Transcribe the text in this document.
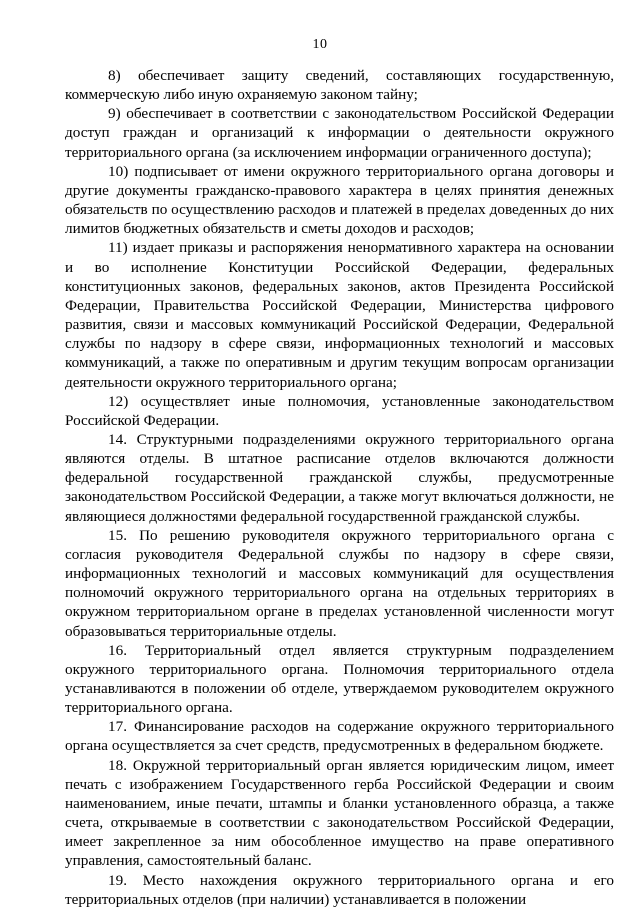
10

8) обеспечивает защиту сведений, составляющих государственную, коммерческую либо иную охраняемую законом тайну;

9) обеспечивает в соответствии с законодательством Российской Федерации доступ граждан и организаций к информации о деятельности окружного территориального органа (за исключением информации ограниченного доступа);

10) подписывает от имени окружного территориального органа договоры и другие документы гражданско-правового характера в целях принятия денежных обязательств по осуществлению расходов и платежей в пределах доведенных до них лимитов бюджетных обязательств и сметы доходов и расходов;

11) издает приказы и распоряжения ненормативного характера на основании и во исполнение Конституции Российской Федерации, федеральных конституционных законов, федеральных законов, актов Президента Российской Федерации, Правительства Российской Федерации, Министерства цифрового развития, связи и массовых коммуникаций Российской Федерации, Федеральной службы по надзору в сфере связи, информационных технологий и массовых коммуникаций, а также по оперативным и другим текущим вопросам организации деятельности окружного территориального органа;

12) осуществляет иные полномочия, установленные законодательством Российской Федерации.

14. Структурными подразделениями окружного территориального органа являются отделы. В штатное расписание отделов включаются должности федеральной государственной гражданской службы, предусмотренные законодательством Российской Федерации, а также могут включаться должности, не являющиеся должностями федеральной государственной гражданской службы.

15. По решению руководителя окружного территориального органа с согласия руководителя Федеральной службы по надзору в сфере связи, информационных технологий и массовых коммуникаций для осуществления полномочий окружного территориального органа на отдельных территориях в окружном территориальном органе в пределах установленной численности могут образовываться территориальные отделы.

16. Территориальный отдел является структурным подразделением окружного территориального органа. Полномочия территориального отдела устанавливаются в положении об отделе, утверждаемом руководителем окружного территориального органа.

17. Финансирование расходов на содержание окружного территориального органа осуществляется за счет средств, предусмотренных в федеральном бюджете.

18. Окружной территориальный орган является юридическим лицом, имеет печать с изображением Государственного герба Российской Федерации и своим наименованием, иные печати, штампы и бланки установленного образца, а также счета, открываемые в соответствии с законодательством Российской Федерации, имеет закрепленное за ним обособленное имущество на праве оперативного управления, самостоятельный баланс.

19. Место нахождения окружного территориального органа и его территориальных отделов (при наличии) устанавливается в положении
